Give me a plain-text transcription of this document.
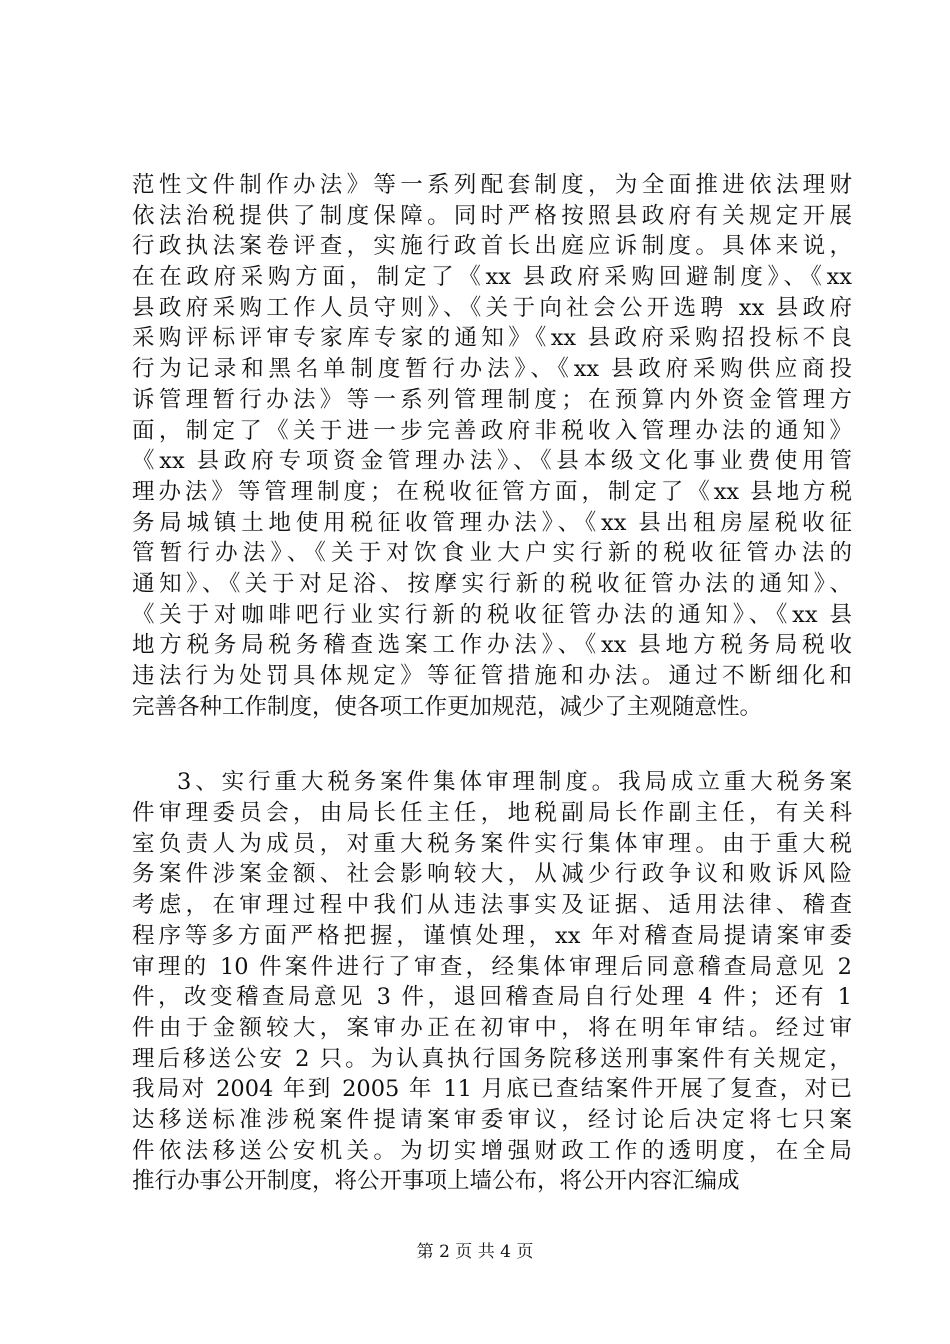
范性文件制作办法》等一系列配套制度，为全面推进依法理财
依法治税提供了制度保障。同时严格按照县政府有关规定开展
行政执法案卷评查，实施行政首长出庭应诉制度。具体来说，
在在政府采购方面，制定了《xx 县政府采购回避制度》、《xx
县政府采购工作人员守则》、《关于向社会公开选聘 xx 县政府
采购评标评审专家库专家的通知》《xx 县政府采购招投标不良
行为记录和黑名单制度暂行办法》、《xx 县政府采购供应商投
诉管理暂行办法》等一系列管理制度；在预算内外资金管理方
面，制定了《关于进一步完善政府非税收入管理办法的通知》
《xx 县政府专项资金管理办法》、《县本级文化事业费使用管
理办法》等管理制度；在税收征管方面，制定了《xx 县地方税
务局城镇土地使用税征收管理办法》、《xx 县出租房屋税收征
管暂行办法》、《关于对饮食业大户实行新的税收征管办法的
通知》、《关于对足浴、按摩实行新的税收征管办法的通知》、
《关于对咖啡吧行业实行新的税收征管办法的通知》、《xx 县
地方税务局税务稽查选案工作办法》、《xx 县地方税务局税收
违法行为处罚具体规定》等征管措施和办法。通过不断细化和
完善各种工作制度，使各项工作更加规范，减少了主观随意性。
3、实行重大税务案件集体审理制度。我局成立重大税务案
件审理委员会，由局长任主任，地税副局长作副主任，有关科
室负责人为成员，对重大税务案件实行集体审理。由于重大税
务案件涉案金额、社会影响较大，从减少行政争议和败诉风险
考虑，在审理过程中我们从违法事实及证据、适用法律、稽查
程序等多方面严格把握，谨慎处理，xx 年对稽查局提请案审委
审理的 10 件案件进行了审查，经集体审理后同意稽查局意见 2
件，改变稽查局意见 3 件，退回稽查局自行处理 4 件；还有 1
件由于金额较大，案审办正在初审中，将在明年审结。经过审
理后移送公安 2 只。为认真执行国务院移送刑事案件有关规定，
我局对 2004 年到 2005 年 11 月底已查结案件开展了复查，对已
达移送标准涉税案件提请案审委审议，经讨论后决定将七只案
件依法移送公安机关。为切实增强财政工作的透明度，在全局
推行办事公开制度，将公开事项上墙公布，将公开内容汇编成
第 2 页 共 4 页
